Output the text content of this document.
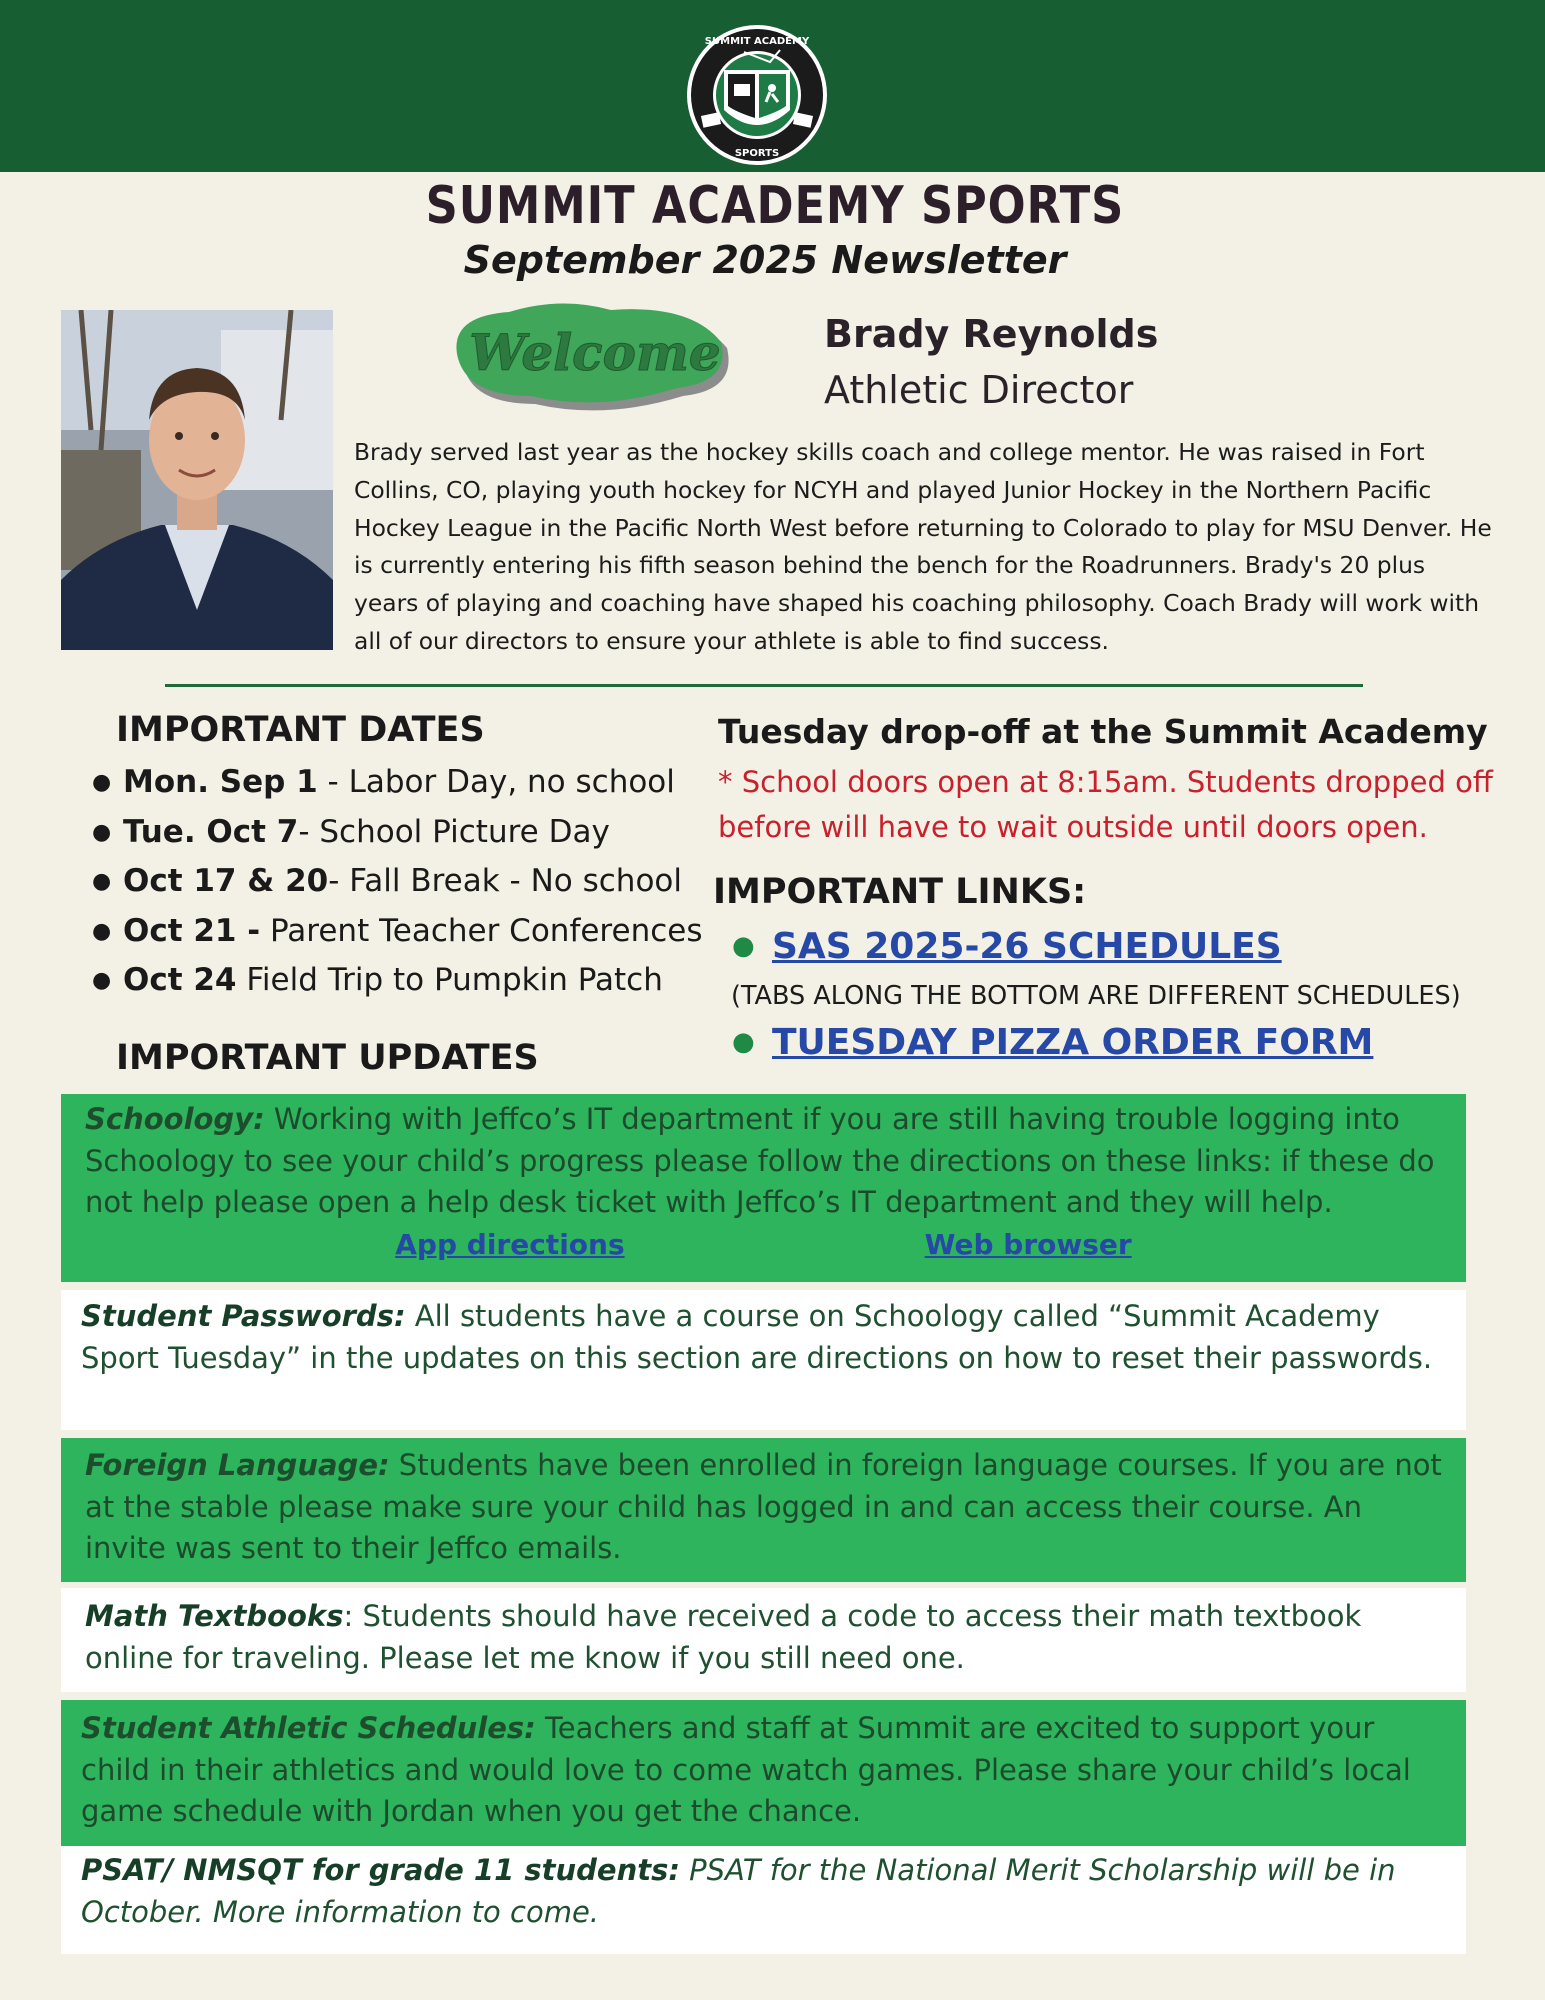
SUMMIT ACADEMY
SPORTS
SUMMIT ACADEMY SPORTS
September 2025 Newsletter
Welcome	Brady Reynolds
Athletic Director
Brady served last year as the hockey skills coach and college mentor. He was raised in Fort Collins, CO, playing youth hockey for NCYH and played Junior Hockey in the Northern Pacific Hockey League in the Pacific North West before returning to Colorado to play for MSU Denver. He is currently entering his fifth season behind the bench for the Roadrunners. Brady's 20 plus years of playing and coaching have shaped his coaching philosophy. Coach Brady will work with all of our directors to ensure your athlete is able to find success.
IMPORTANT DATES
● Mon. Sep 1 - Labor Day, no school
● Tue. Oct 7- School Picture Day
● Oct 17 & 20- Fall Break - No school
● Oct 21 - Parent Teacher Conferences
● Oct 24 Field Trip to Pumpkin Patch
Tuesday drop-off at the Summit Academy
* School doors open at 8:15am. Students dropped off before will have to wait outside until doors open.
IMPORTANT LINKS:
● SAS 2025-26 SCHEDULES
(TABS ALONG THE BOTTOM ARE DIFFERENT SCHEDULES)
● TUESDAY PIZZA ORDER FORM
IMPORTANT UPDATES
Schoology: Working with Jeffco’s IT department if you are still having trouble logging into Schoology to see your child’s progress please follow the directions on these links: if these do not help please open a help desk ticket with Jeffco’s IT department and they will help.
App directions	Web browser
Student Passwords: All students have a course on Schoology called “Summit Academy Sport Tuesday” in the updates on this section are directions on how to reset their passwords.
Foreign Language: Students have been enrolled in foreign language courses. If you are not at the stable please make sure your child has logged in and can access their course. An invite was sent to their Jeffco emails.
Math Textbooks: Students should have received a code to access their math textbook online for traveling. Please let me know if you still need one.
Student Athletic Schedules: Teachers and staff at Summit are excited to support your child in their athletics and would love to come watch games. Please share your child’s local game schedule with Jordan when you get the chance.
PSAT/ NMSQT for grade 11 students: PSAT for the National Merit Scholarship will be in October. More information to come.
